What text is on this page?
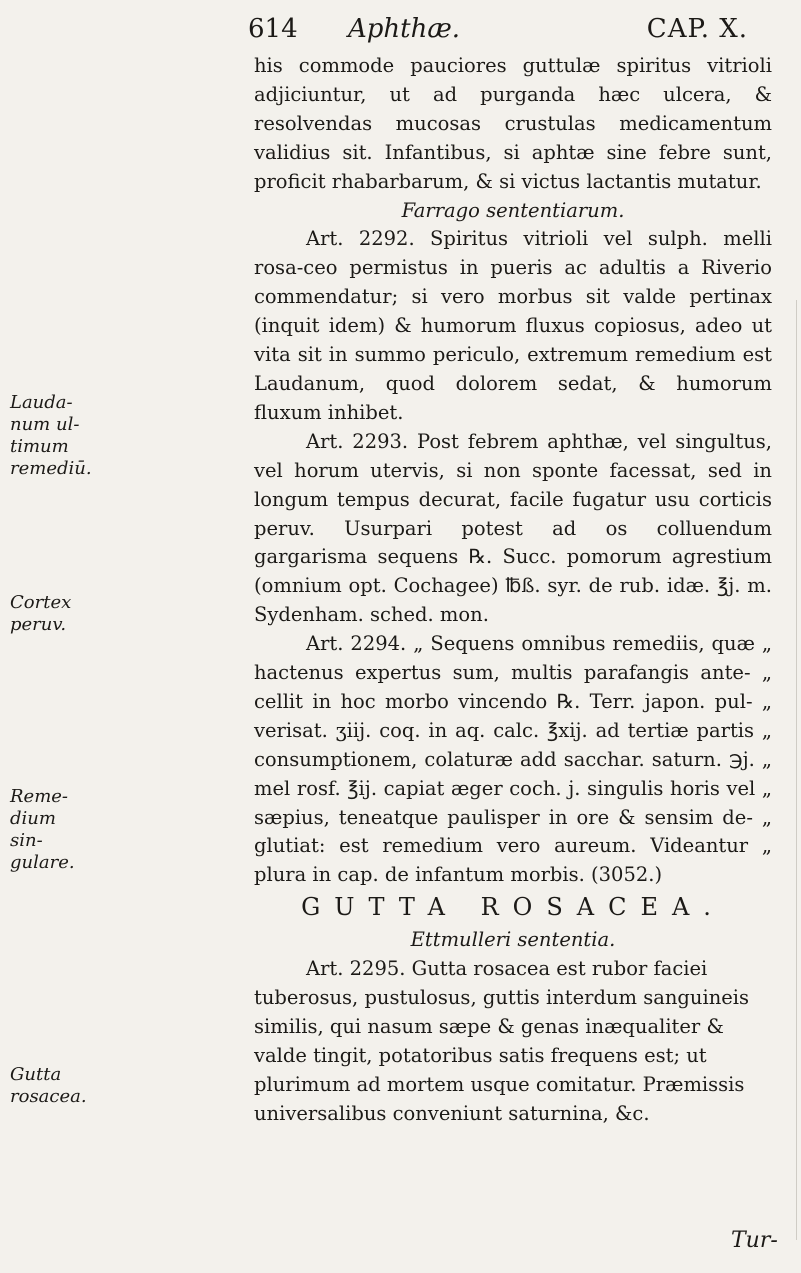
614 Aphthæ.	CAP. X.
Lauda-
num ul-
timum
remediū.
Cortex
peruv.
Reme-
dium sin-
gulare.
Gutta
rosacea.

his commode pauciores guttulæ spiritus vitrioli adjiciuntur, ut ad purganda hæc ulcera, & resolvendas mucosas crustulas medicamentum validius sit. Infantibus, si aphtæ sine febre sunt, proficit rhabarbarum, & si victus lactantis mutatur.

Farrago sententiarum.

Art. 2292. Spiritus vitrioli vel sulph. melli rosa-ceo permistus in pueris ac adultis a Riverio commendatur; si vero morbus sit valde pertinax (inquit idem) & humorum fluxus copiosus, adeo ut vita sit in summo periculo, extremum remedium est Laudanum, quod dolorem sedat, & humorum fluxum inhibet.

Art. 2293. Post febrem aphthæ, vel singultus, vel horum utervis, si non sponte facessat, sed in longum tempus decurat, facile fugatur usu corticis peruv. Usurpari potest ad os colluendum gargarisma sequens ℞. Succ. pomorum agrestium (omnium opt. Cochagee) ℔ß. syr. de rub. idæ. ℥j. m. Sydenham. sched. mon.

Art. 2294. „ Sequens omnibus remediis, quæ „ hactenus expertus sum, multis parafangis ante- „ cellit in hoc morbo vincendo ℞. Terr. japon. pul- „ verisat. ʒiij. coq. in aq. calc. ℥xij. ad tertiæ partis „ consumptionem, colaturæ add sacchar. saturn. ℈j. „ mel rosf. ℥ij. capiat æger coch. j. singulis horis vel „ sæpius, teneatque paulisper in ore & sensim de- „ glutiat: est remedium vero aureum. Videantur „ plura in cap. de infantum morbis. (3052.)

GUTTA ROSACEA.

Ettmulleri sententia.

Art. 2295. Gutta rosacea est rubor faciei tuberosus, pustulosus, guttis interdum sanguineis similis, qui nasum sæpe & genas inæqualiter & valde tingit, potatoribus satis frequens est; ut plurimum ad mortem usque comitatur. Præmissis universalibus conveniunt saturnina, &c.

Tur-
